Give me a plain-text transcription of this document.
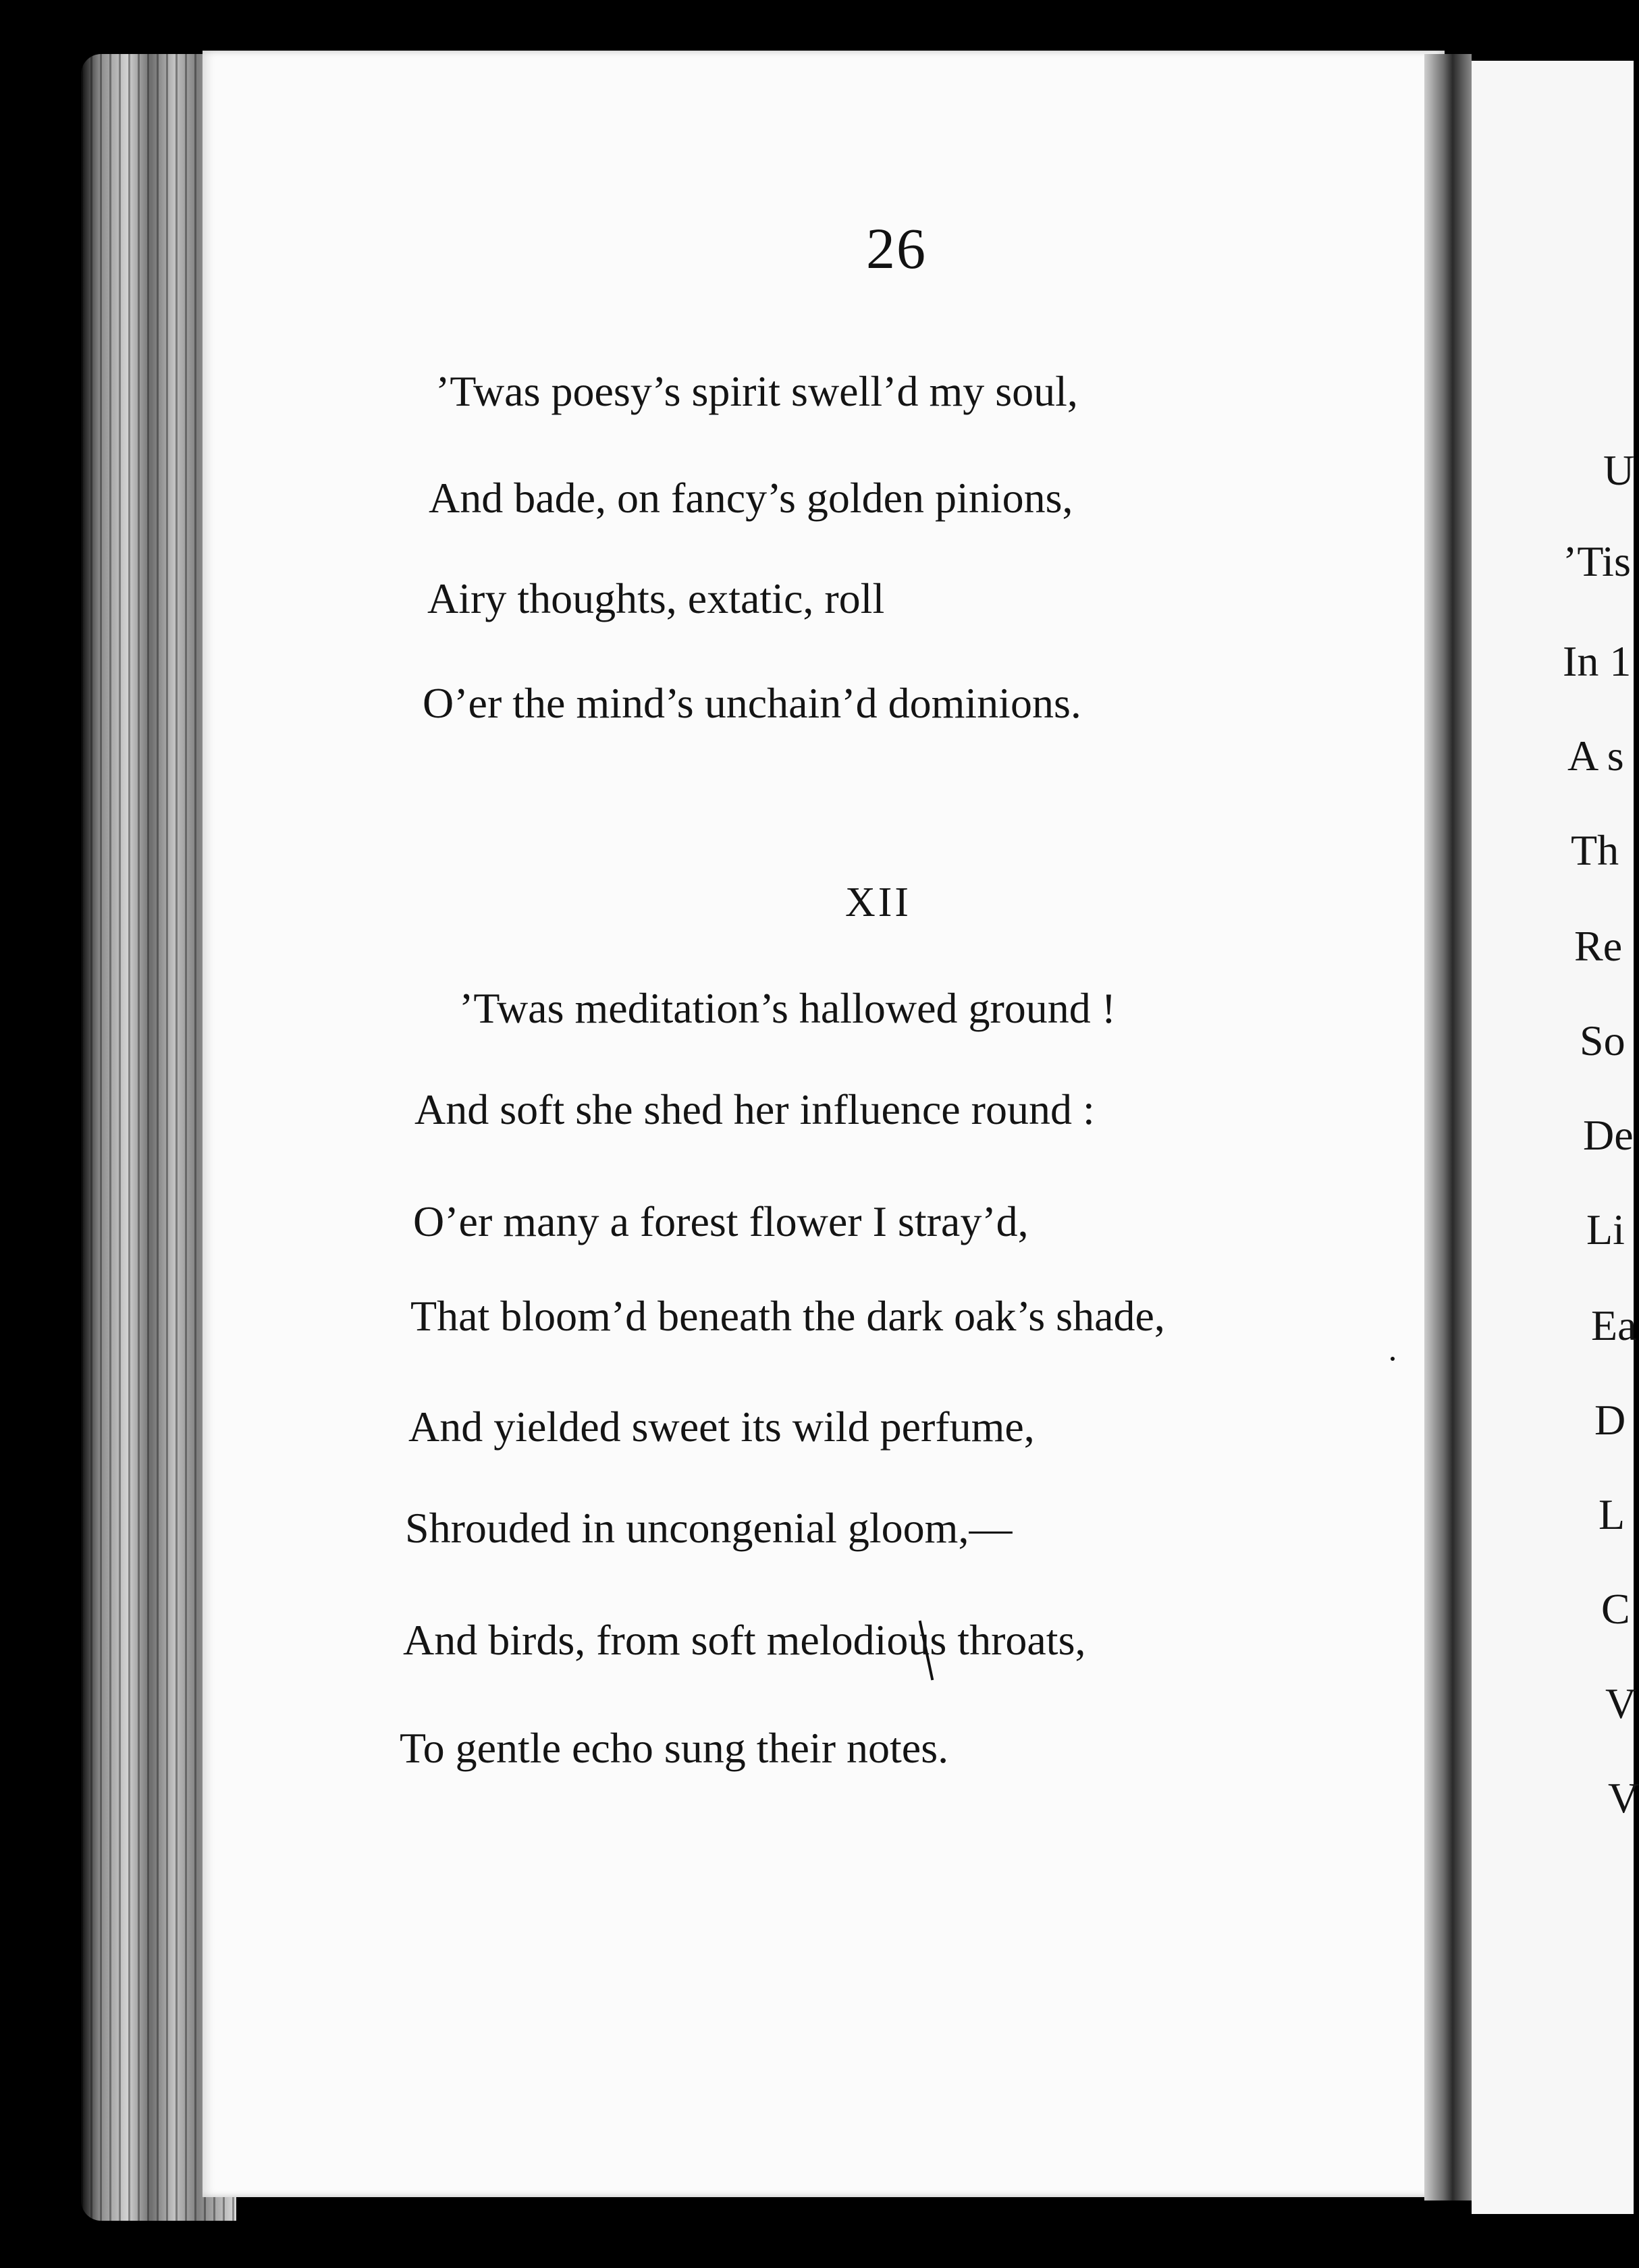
26
’Twas poesy’s spirit swell’d my soul,
And bade, on fancy’s golden pinions,
Airy thoughts, extatic, roll
O’er the mind’s unchain’d dominions.
XII
’Twas meditation’s hallowed ground !
And soft she shed her influence round :
O’er many a forest flower I stray’d,
That bloom’d beneath the dark oak’s shade,
And yielded sweet its wild perfume,
Shrouded in uncongenial gloom,—
And birds, from soft melodious throats,
To gentle echo sung their notes.
U
’Tis
In 1
A s
Th
Re
So
De
Li
Ea
D
L
C
V
V
